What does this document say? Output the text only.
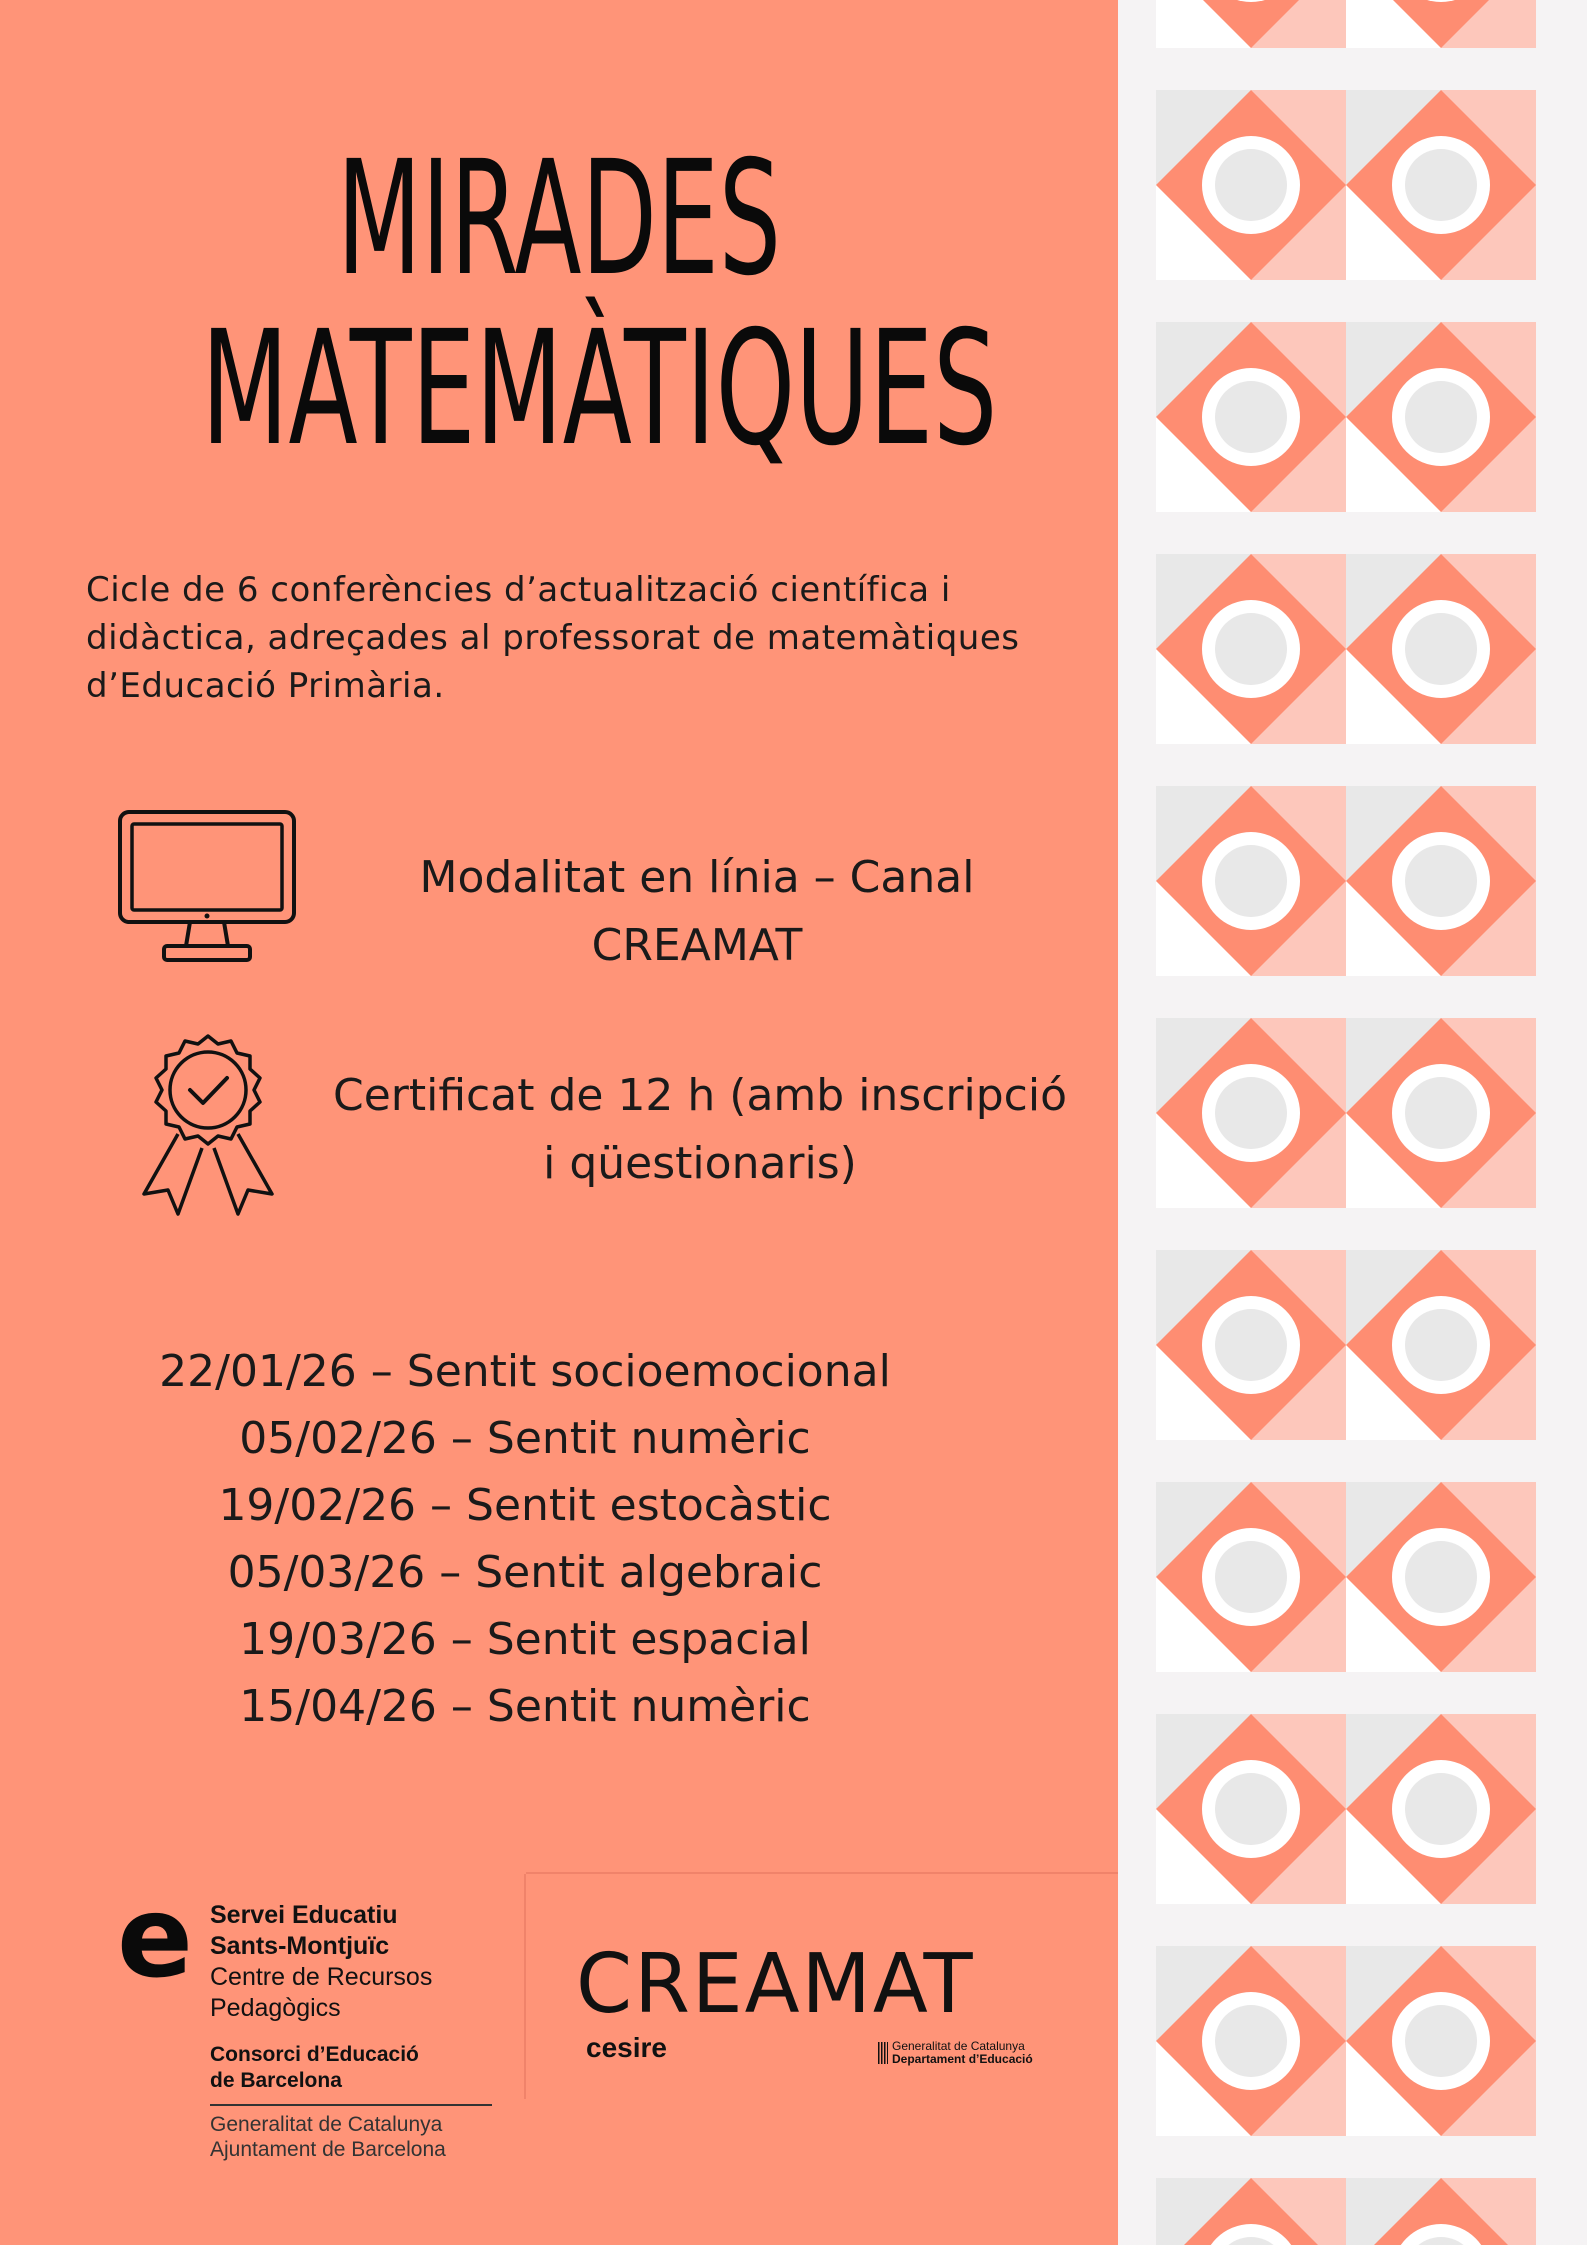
MIRADES
MATEMÀTIQUES

Cicle de 6 conferències d’actualització científica i
didàctica, adreçades al professorat de matemàtiques
d’Educació Primària.

Modalitat en línia – Canal
CREAMAT

Certificat de 12 h (amb inscripció
i qüestionaris)

22/01/26 – Sentit socioemocional
05/02/26 – Sentit numèric
19/02/26 – Sentit estocàstic
05/03/26 – Sentit algebraic
19/03/26 – Sentit espacial
15/04/26 – Sentit numèric
e Servei Educatiu
Sants-Montjuïc
Centre de Recursos
Pedagògics
Consorci d’Educació
de Barcelona
Generalitat de Catalunya
Ajuntament de Barcelona
CREAMAT
cesire	Generalitat de Catalunya
Departament d’Educació
